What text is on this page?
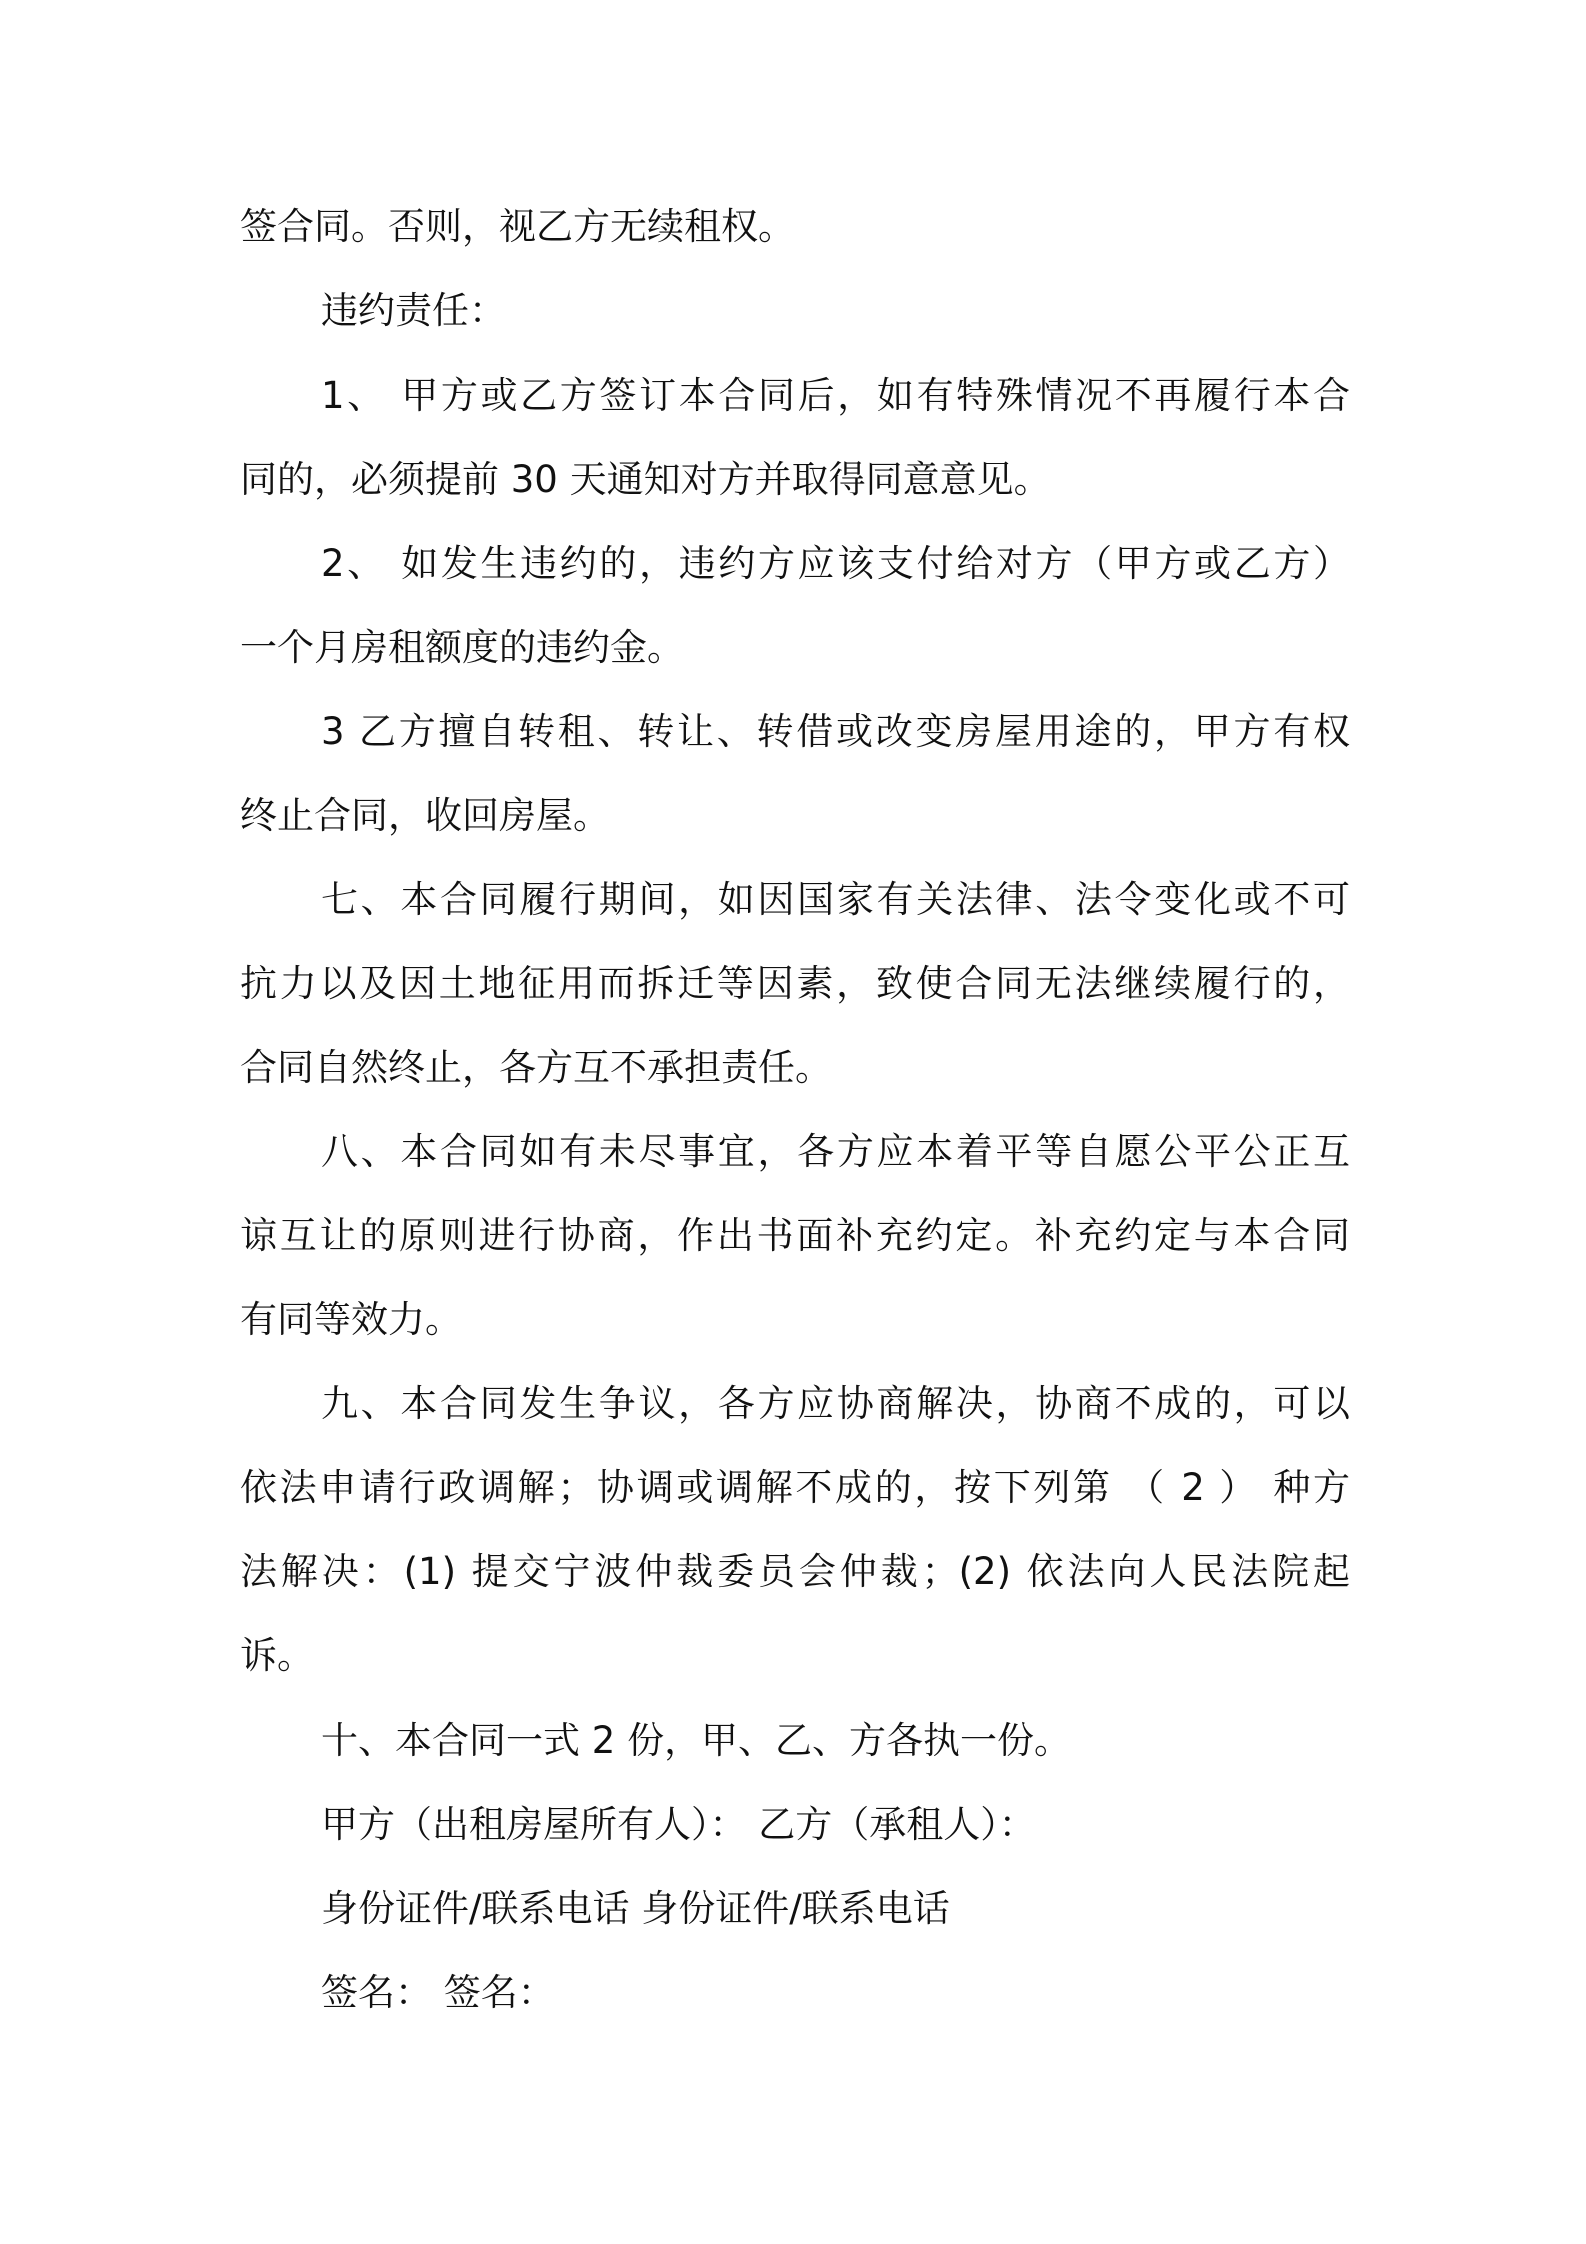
签合同。否则，视乙方无续租权。
违约责任：
1、 甲方或乙方签订本合同后，如有特殊情况不再履行本合
同的，必须提前 30 天通知对方并取得同意意见。
2、 如发生违约的，违约方应该支付给对方（甲方或乙方）
一个月房租额度的违约金。
3 乙方擅自转租、转让、转借或改变房屋用途的，甲方有权
终止合同，收回房屋。
七、本合同履行期间，如因国家有关法律、法令变化或不可
抗力以及因土地征用而拆迁等因素，致使合同无法继续履行的，
合同自然终止，各方互不承担责任。
八、本合同如有未尽事宜，各方应本着平等自愿公平公正互
谅互让的原则进行协商，作出书面补充约定。补充约定与本合同
有同等效力。
九、本合同发生争议，各方应协商解决，协商不成的，可以
依法申请行政调解；协调或调解不成的，按下列第 （ 2 ） 种方
法解决：(1) 提交宁波仲裁委员会仲裁；(2) 依法向人民法院起
诉。
十、本合同一式 2 份，甲、乙、方各执一份。
甲方（出租房屋所有人）： 乙方（承租人）：
身份证件/联系电话 身份证件/联系电话
签名： 签名：
